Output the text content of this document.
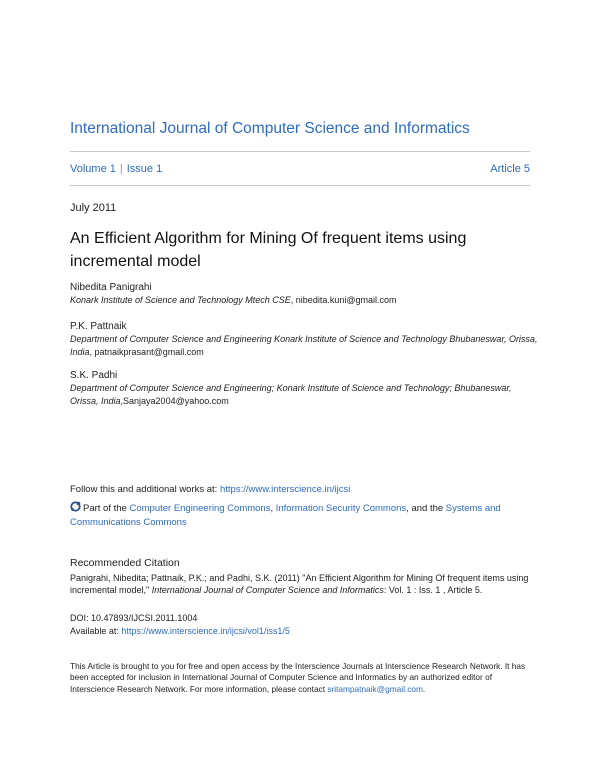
International Journal of Computer Science and Informatics
Volume 1 | Issue 1	Article 5
July 2011
An Efficient Algorithm for Mining Of frequent items using incremental model
Nibedita Panigrahi
Konark Institute of Science and Technology Mtech CSE, nibedita.kuni@gmail.com
P.K. Pattnaik
Department of Computer Science and Engineering Konark Institute of Science and Technology Bhubaneswar, Orissa, India, patnaikprasant@gmail.com
S.K. Padhi
Department of Computer Science and Engineering; Konark Institute of Science and Technology; Bhubaneswar, Orissa, India,Sanjaya2004@yahoo.com
Follow this and additional works at: https://www.interscience.in/ijcsi
Part of the Computer Engineering Commons, Information Security Commons, and the Systems and Communications Commons
Recommended Citation
Panigrahi, Nibedita; Pattnaik, P.K.; and Padhi, S.K. (2011) "An Efficient Algorithm for Mining Of frequent items using incremental model," International Journal of Computer Science and Informatics: Vol. 1 : Iss. 1 , Article 5.
DOI: 10.47893/IJCSI.2011.1004
Available at: https://www.interscience.in/ijcsi/vol1/iss1/5
This Article is brought to you for free and open access by the Interscience Journals at Interscience Research Network. It has been accepted for inclusion in International Journal of Computer Science and Informatics by an authorized editor of Interscience Research Network. For more information, please contact sritampatnaik@gmail.com.
